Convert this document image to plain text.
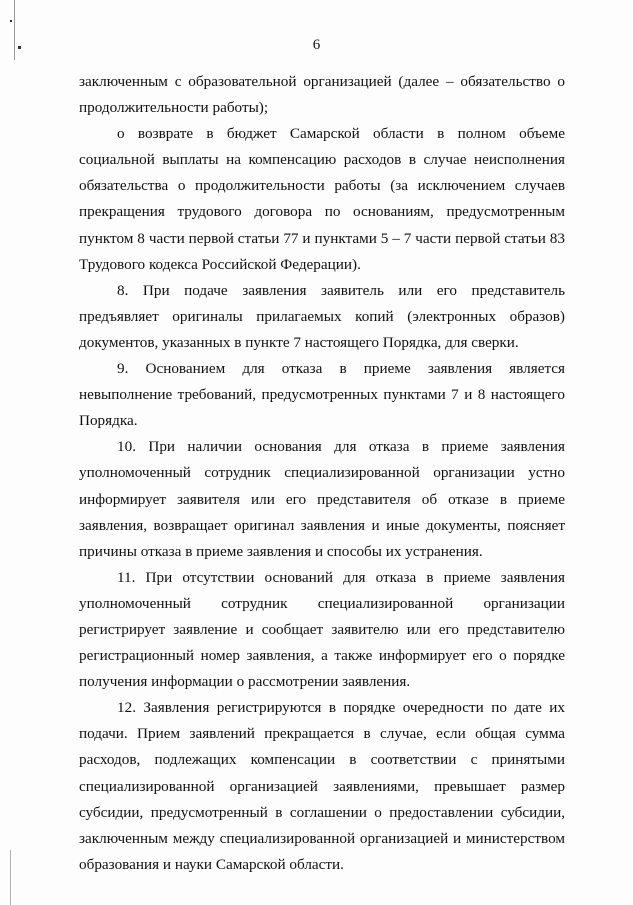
6

заключенным с образовательной организацией (далее – обязательство о продолжительности работы);

о возврате в бюджет Самарской области в полном объеме социальной выплаты на компенсацию расходов в случае неисполнения обязательства о продолжительности работы (за исключением случаев прекращения трудового договора по основаниям, предусмотренным пунктом 8 части первой статьи 77 и пунктами 5 – 7 части первой статьи 83 Трудового кодекса Российской Федерации).

8. При подаче заявления заявитель или его представитель предъявляет оригиналы прилагаемых копий (электронных образов) документов, указанных в пункте 7 настоящего Порядка, для сверки.

9. Основанием для отказа в приеме заявления является невыполнение требований, предусмотренных пунктами 7 и 8 настоящего Порядка.

10. При наличии основания для отказа в приеме заявления уполномоченный сотрудник специализированной организации устно информирует заявителя или его представителя об отказе в приеме заявления, возвращает оригинал заявления и иные документы, поясняет причины отказа в приеме заявления и способы их устранения.

11. При отсутствии оснований для отказа в приеме заявления уполномоченный сотрудник специализированной организации регистрирует заявление и сообщает заявителю или его представителю регистрационный номер заявления, а также информирует его о порядке получения информации о рассмотрении заявления.

12. Заявления регистрируются в порядке очередности по дате их подачи. Прием заявлений прекращается в случае, если общая сумма расходов, подлежащих компенсации в соответствии с принятыми специализированной организацией заявлениями, превышает размер субсидии, предусмотренный в соглашении о предоставлении субсидии, заключенным между специализированной организацией и министерством образования и науки Самарской области.
